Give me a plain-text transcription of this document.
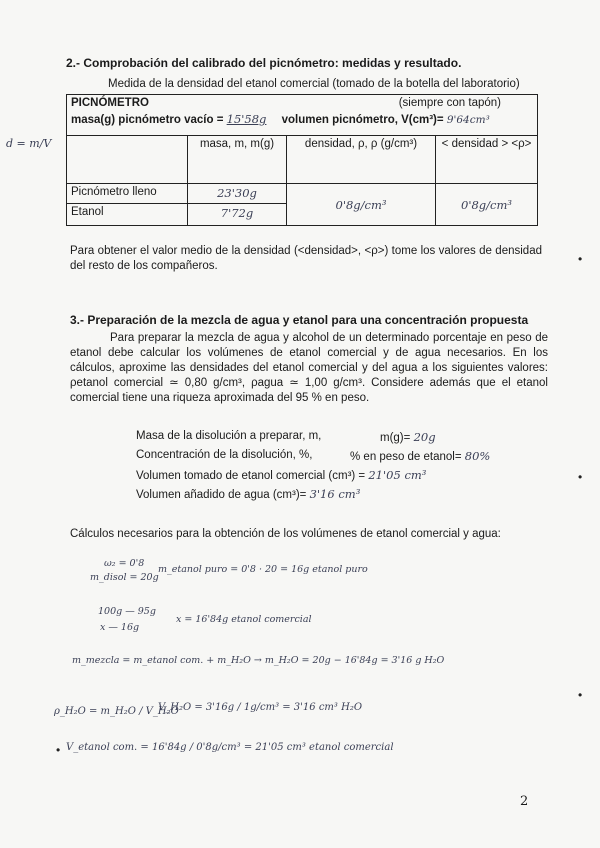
d = m/V
2.- Comprobación del calibrado del picnómetro: medidas y resultado.
Medida de la densidad del etanol comercial (tomado de la botella del laboratorio)
PICNÓMETRO (siempre con tapón)
masa(g) picnómetro vacío = 15'58g volumen picnómetro, V(cm³)= 9'64cm³			

	masa, m, m(g)	densidad, ρ, ρ (g/cm³)	< densidad > <ρ>
Picnómetro lleno	23'30g	0'8g/cm³	0'8g/cm³
Etanol	7'72g		
Para obtener el valor medio de la densidad (<densidad>, <ρ>) tome los valores de densidad del resto de los compañeros.	•
3.- Preparación de la mezcla de agua y etanol para una concentración propuesta
Para preparar la mezcla de agua y alcohol de un determinado porcentaje en peso de etanol debe calcular los volúmenes de etanol comercial y de agua necesarios. En los cálculos, aproxime las densidades del etanol comercial y del agua a los siguientes valores: ρetanol comercial ≃ 0,80 g/cm³, ρagua ≃ 1,00 g/cm³. Considere además que el etanol comercial tiene una riqueza aproximada del 95 % en peso.
Masa de la disolución a preparar, m,	m(g)= 20g
Concentración de la disolución, %,	% en peso de etanol= 80%
Volumen tomado de etanol comercial (cm³) = 21'05 cm³
Volumen añadido de agua (cm³)= 3'16 cm³
•
Cálculos necesarios para la obtención de los volúmenes de etanol comercial y agua:
ω₂ = 0'8
m_disol = 20g
m_etanol puro = 0'8 · 20 = 16g etanol puro
100g — 95g
x — 16g
x = 16'84g etanol comercial
m_mezcla = m_etanol com. + m_H₂O → m_H₂O = 20g − 16'84g = 3'16 g H₂O
ρ_H₂O = m_H₂O / V_H₂O
V_H₂O = 3'16g / 1g/cm³ = 3'16 cm³ H₂O
V_etanol com. = 16'84g / 0'8g/cm³ = 21'05 cm³ etanol comercial
•
•
2
